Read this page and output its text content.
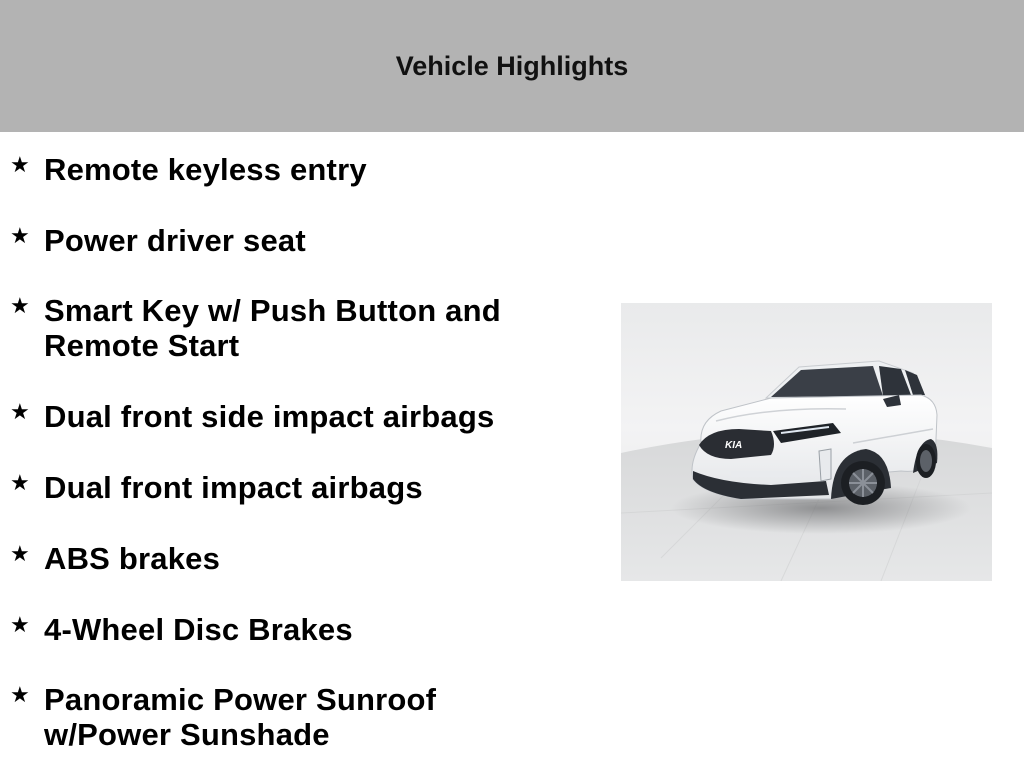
Vehicle Highlights
★ Remote keyless entry
★ Power driver seat
★ Smart Key w/ Push Button and Remote Start
★ Dual front side impact airbags
★ Dual front impact airbags
★ ABS brakes
★ 4-Wheel Disc Brakes
★ Panoramic Power Sunroof w/Power Sunshade
KIA
